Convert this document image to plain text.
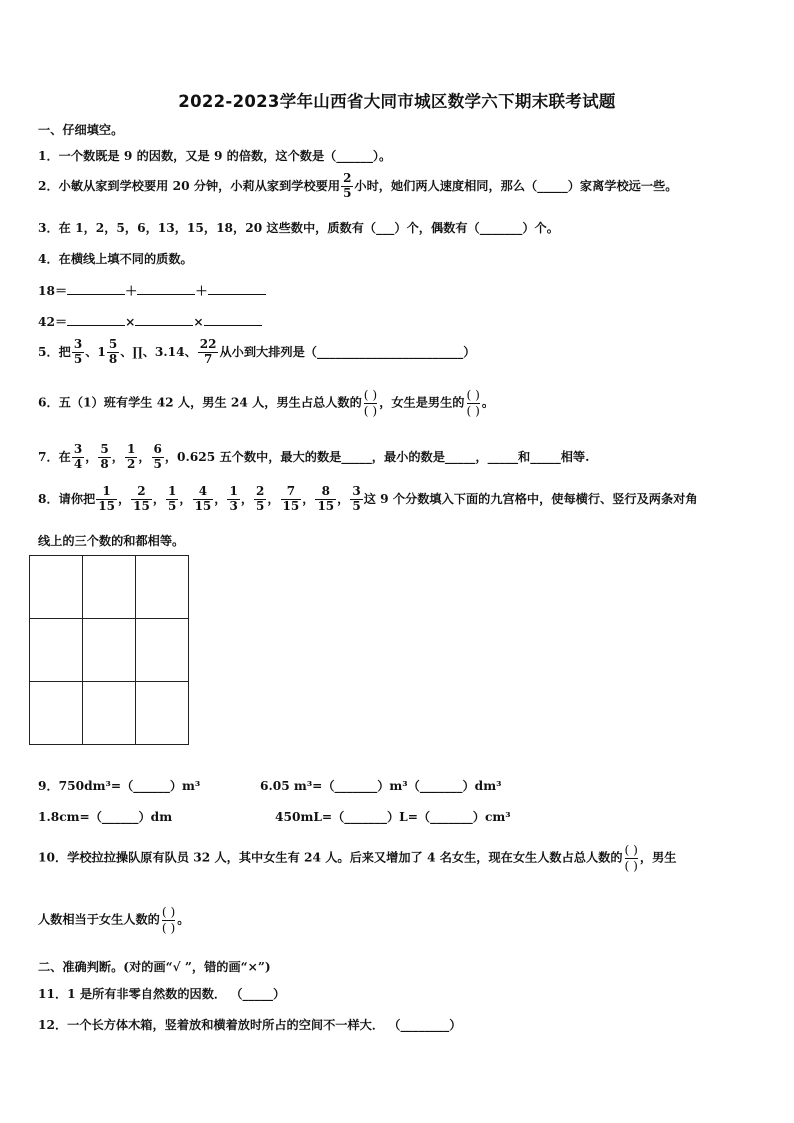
2022-2023学年山西省大同市城区数学六下期末联考试题
一、仔细填空。
1．一个数既是 9 的因数，又是 9 的倍数，这个数是（______）。
2．小敏从家到学校要用 20 分钟，小莉从家到学校要用 $\frac{2}{5}$ 小时，她们两人速度相同，那么（_____）家离学校远一些。
3．在 1，2，5，6，13，15，18，20 这些数中，质数有（___）个，偶数有（_______）个。
4．在横线上填不同的质数。
18＝	＋	＋
42＝	×	×
5．把 $\frac{3}{5}$ 、 $1 \frac{5}{8}$ 、∏、3.14、 $\frac{22}{7}$ 从小到大排列是（________________________）
6．五（1）班有学生 42 人，男生 24 人，男生占总人数的
( )
( )
，女生是男生的
( )
( )
。
7．在 $\frac{3}{4}$ ， $\frac{5}{8}$ ， $\frac{1}{2}$ ， $\frac{6}{5}$ ，0.625 五个数中，最大的数是_____，最小的数是_____，_____和_____相等.
8．请你把 $\frac{1}{15}$ ， $\frac{2}{15}$ ， $\frac{1}{5}$ ， $\frac{4}{15}$ ， $\frac{1}{3}$ ， $\frac{2}{5}$ ， $\frac{7}{15}$ ， $\frac{8}{15}$ ， $\frac{3}{5}$ 这 9 个分数填入下面的九宫格中，使每横行、竖行及两条对角
线上的三个数的和都相等。

9．750dm³=（______）m³	6.05 m³=（_______）m³（_______）dm³
1.8cm=（______）dm	450mL=（_______）L=（_______）cm³
10．学校拉拉操队原有队员 32 人，其中女生有 24 人。后来又增加了 4 名女生，现在女生人数占总人数的
( )
( )
，男生
人数相当于女生人数的
( )
( )
。
二、准确判断。(对的画“√ ”，错的画“×”)
11．1 是所有非零自然数的因数． （_____）
12．一个长方体木箱，竖着放和横着放时所占的空间不一样大． （________）
